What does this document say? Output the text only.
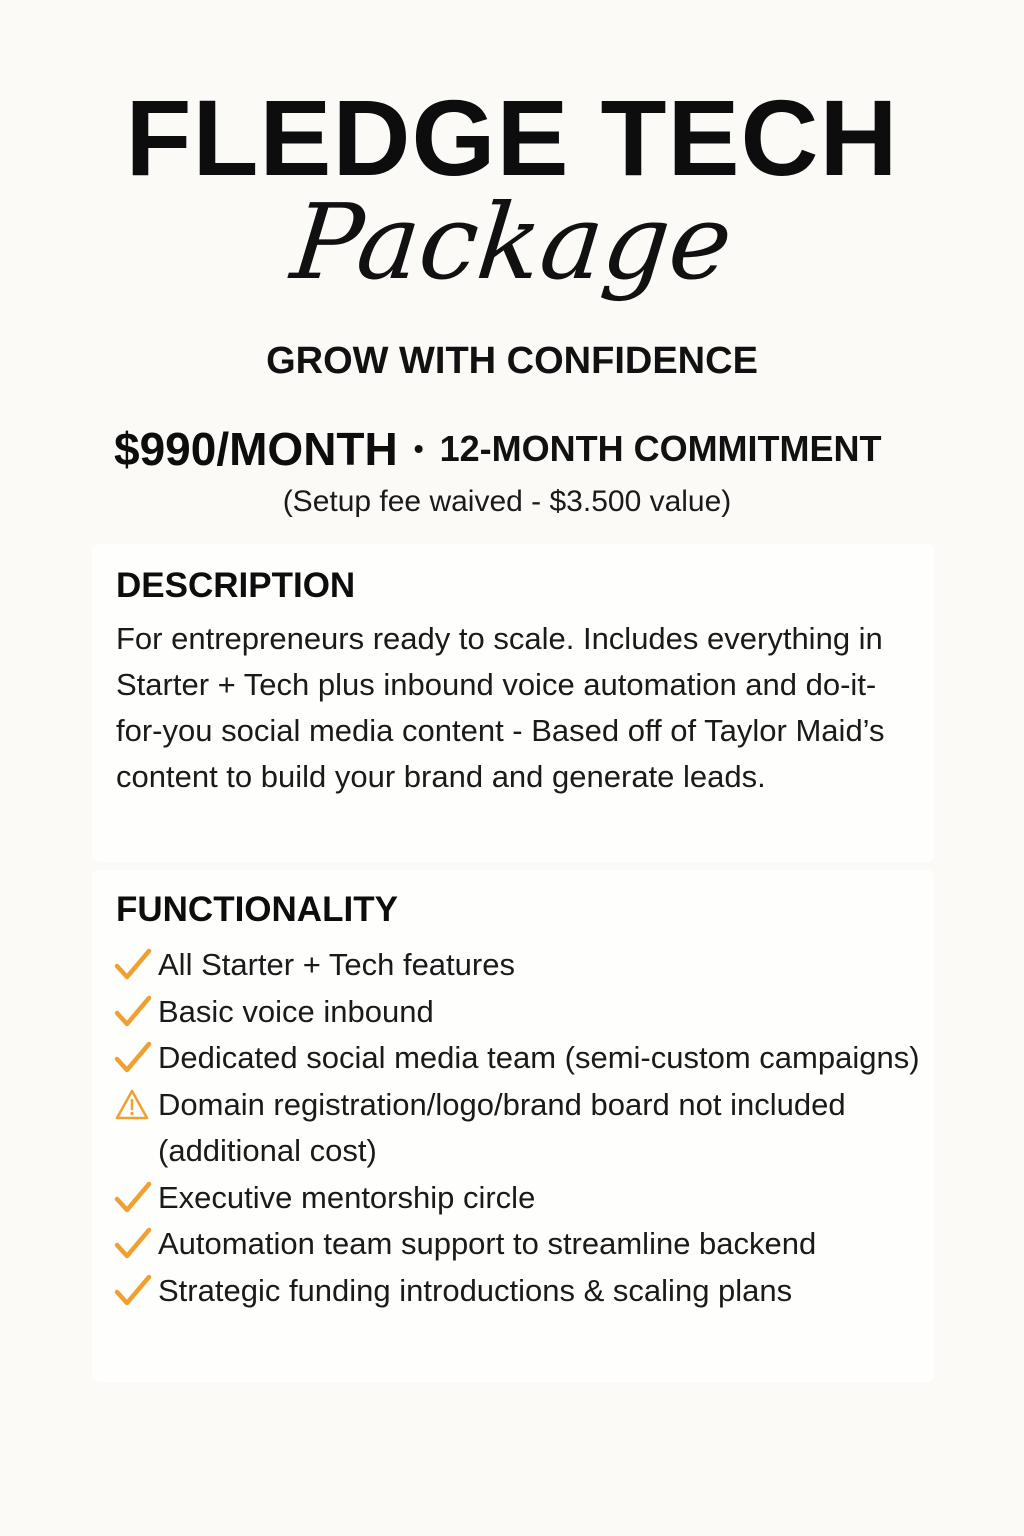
FLEDGE TECH
Package
GROW WITH CONFIDENCE
$990/MONTH • 12-MONTH COMMITMENT
(Setup fee waived - $3.500 value)
DESCRIPTION

For entrepreneurs ready to scale. Includes everything in Starter + Tech plus inbound voice automation and do-it-for-you social media content - Based off of Taylor Maid’s content to build your brand and generate leads.

FUNCTIONALITY
All Starter + Tech features
Basic voice inbound
Dedicated social media team (semi-custom campaigns)
Domain registration/logo/brand board not included (additional cost)
Executive mentorship circle
Automation team support to streamline backend
Strategic funding introductions & scaling plans
